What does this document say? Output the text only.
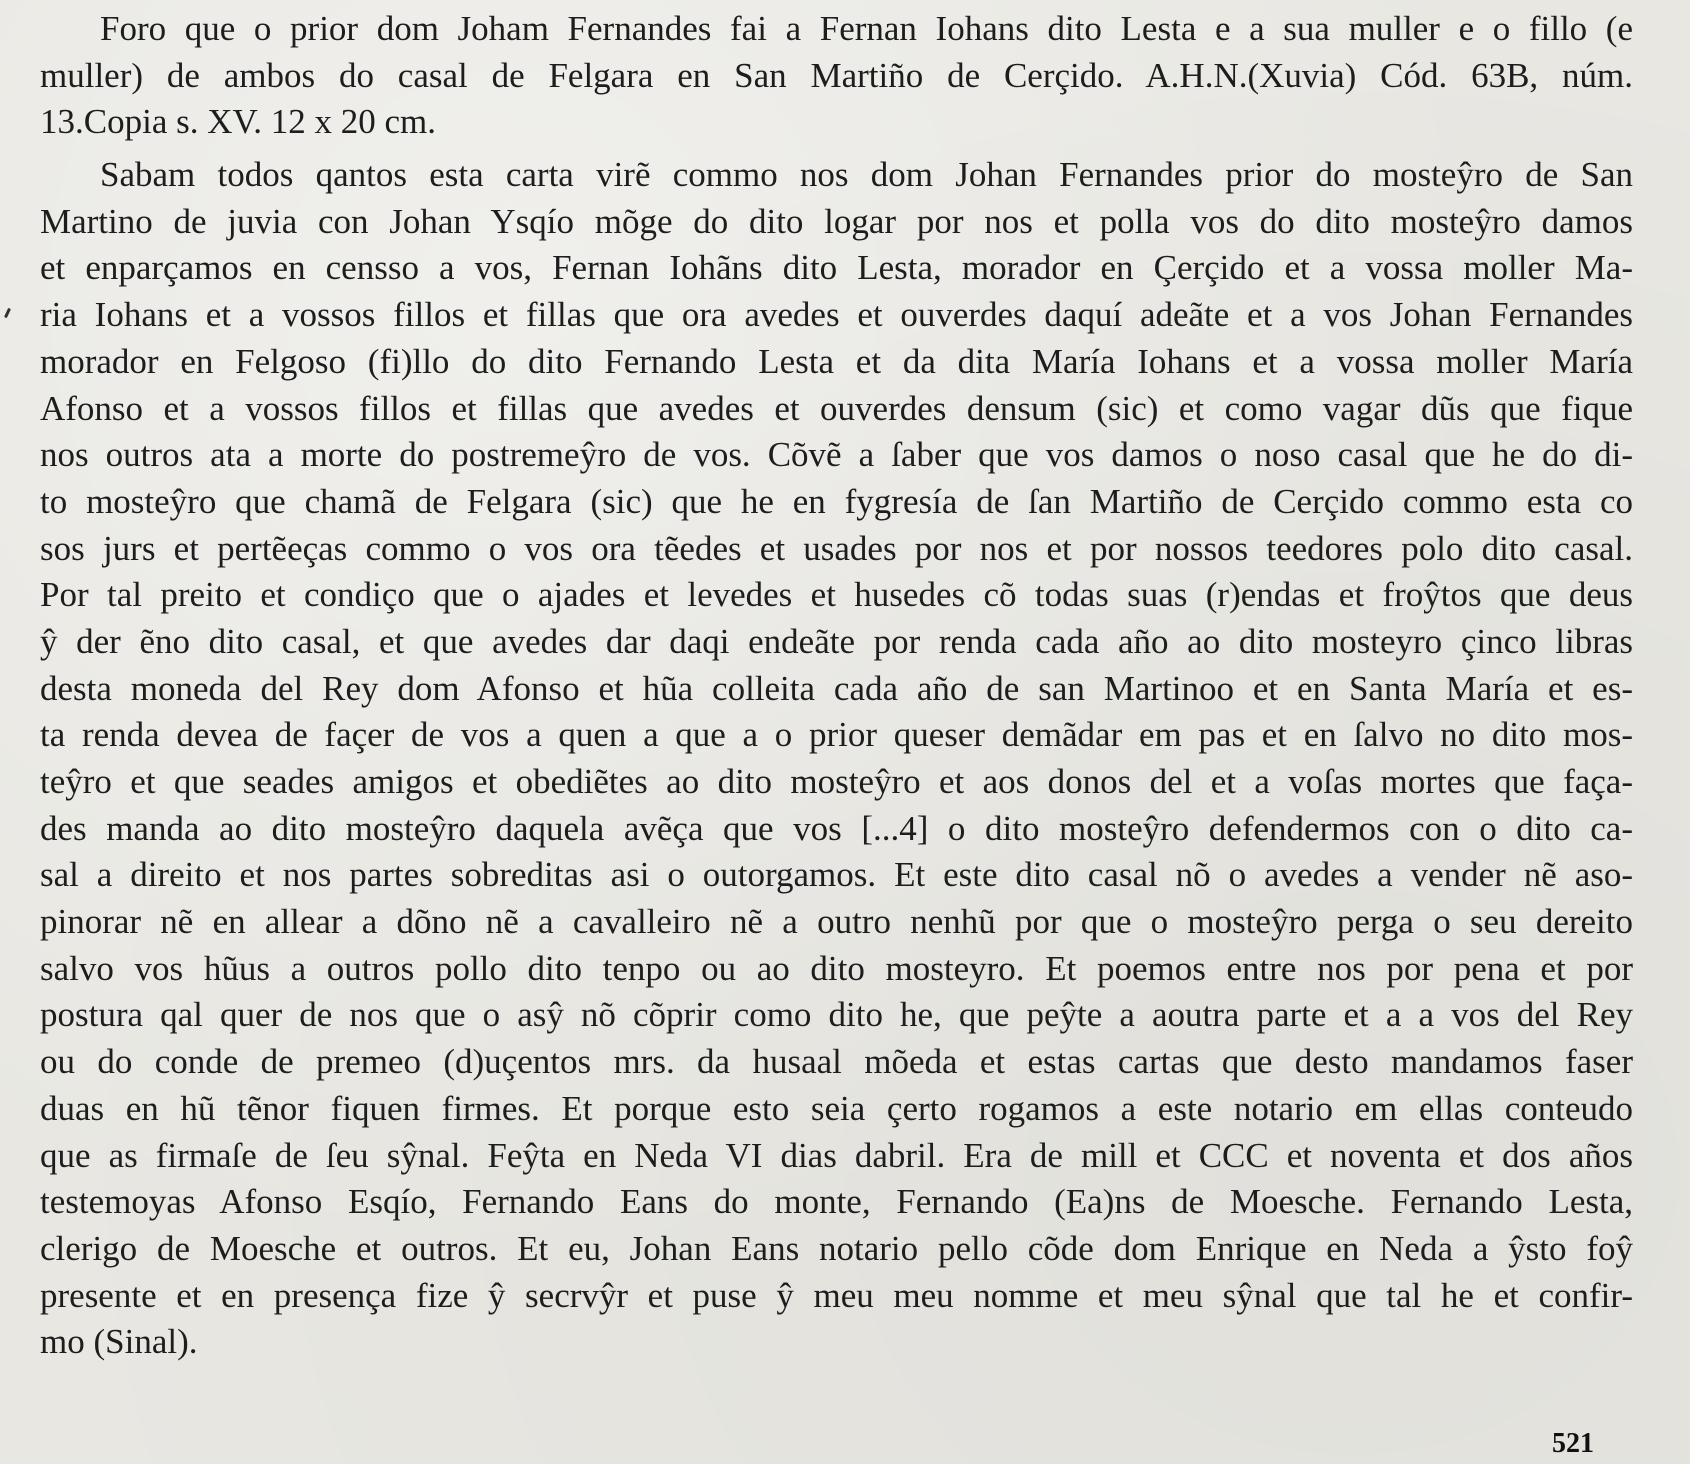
Foro que o prior dom Joham Fernandes fai a Fernan Iohans dito Lesta e a sua muller e o fillo (e
muller) de ambos do casal de Felgara en San Martiño de Cerçido. A.H.N.(Xuvia) Cód. 63B, núm.
13.Copia s. XV. 12 x 20 cm.
Sabam todos qantos esta carta virẽ commo nos dom Johan Fernandes prior do mosteŷro de San
Martino de juvia con Johan Ysqío mõge do dito logar por nos et polla vos do dito mosteŷro damos
et enparçamos en censso a vos, Fernan Iohãns dito Lesta, morador en Çerçido et a vossa moller Ma-
ria Iohans et a vossos fillos et fillas que ora avedes et ouverdes daquí adeãte et a vos Johan Fernandes
morador en Felgoso (fi)llo do dito Fernando Lesta et da dita María Iohans et a vossa moller María
Afonso et a vossos fillos et fillas que avedes et ouverdes densum (sic) et como vagar dũs que fique
nos outros ata a morte do postremeŷro de vos. Cõvẽ a ſaber que vos damos o noso casal que he do di-
to mosteŷro que chamã de Felgara (sic) que he en fygresía de ſan Martiño de Cerçido commo esta co
sos jurs et pertẽeças commo o vos ora tẽedes et usades por nos et por nossos teedores polo dito casal.
Por tal preito et condiço que o ajades et levedes et husedes cõ todas suas (r)endas et froŷtos que deus
ŷ der ẽno dito casal, et que avedes dar daqi endeãte por renda cada año ao dito mosteyro çinco libras
desta moneda del Rey dom Afonso et hũa colleita cada año de san Martinoo et en Santa María et es-
ta renda devea de façer de vos a quen a que a o prior queser demãdar em pas et en ſalvo no dito mos-
teŷro et que seades amigos et obediẽtes ao dito mosteŷro et aos donos del et a voſas mortes que faça-
des manda ao dito mosteŷro daquela avẽça que vos [...4] o dito mosteŷro defendermos con o dito ca-
sal a direito et nos partes sobreditas asi o outorgamos. Et este dito casal nõ o avedes a vender nẽ aso-
pinorar nẽ en allear a dõno nẽ a cavalleiro nẽ a outro nenhũ por que o mosteŷro perga o seu dereito
salvo vos hũus a outros pollo dito tenpo ou ao dito mosteyro. Et poemos entre nos por pena et por
postura qal quer de nos que o asŷ nõ cõprir como dito he, que peŷte a aoutra parte et a a vos del Rey
ou do conde de premeo (d)uçentos mrs. da husaal mõeda et estas cartas que desto mandamos faser
duas en hũ tẽnor fiquen firmes. Et porque esto seia çerto rogamos a este notario em ellas conteudo
que as firmaſe de ſeu sŷnal. Feŷta en Neda VI dias dabril. Era de mill et CCC et noventa et dos años
testemoyas Afonso Esqío, Fernando Eans do monte, Fernando (Ea)ns de Moesche. Fernando Lesta,
clerigo de Moesche et outros. Et eu, Johan Eans notario pello cõde dom Enrique en Neda a ŷsto foŷ
presente et en presença fize ŷ secrvŷr et puse ŷ meu meu nomme et meu sŷnal que tal he et confir-
mo (Sinal).
521
